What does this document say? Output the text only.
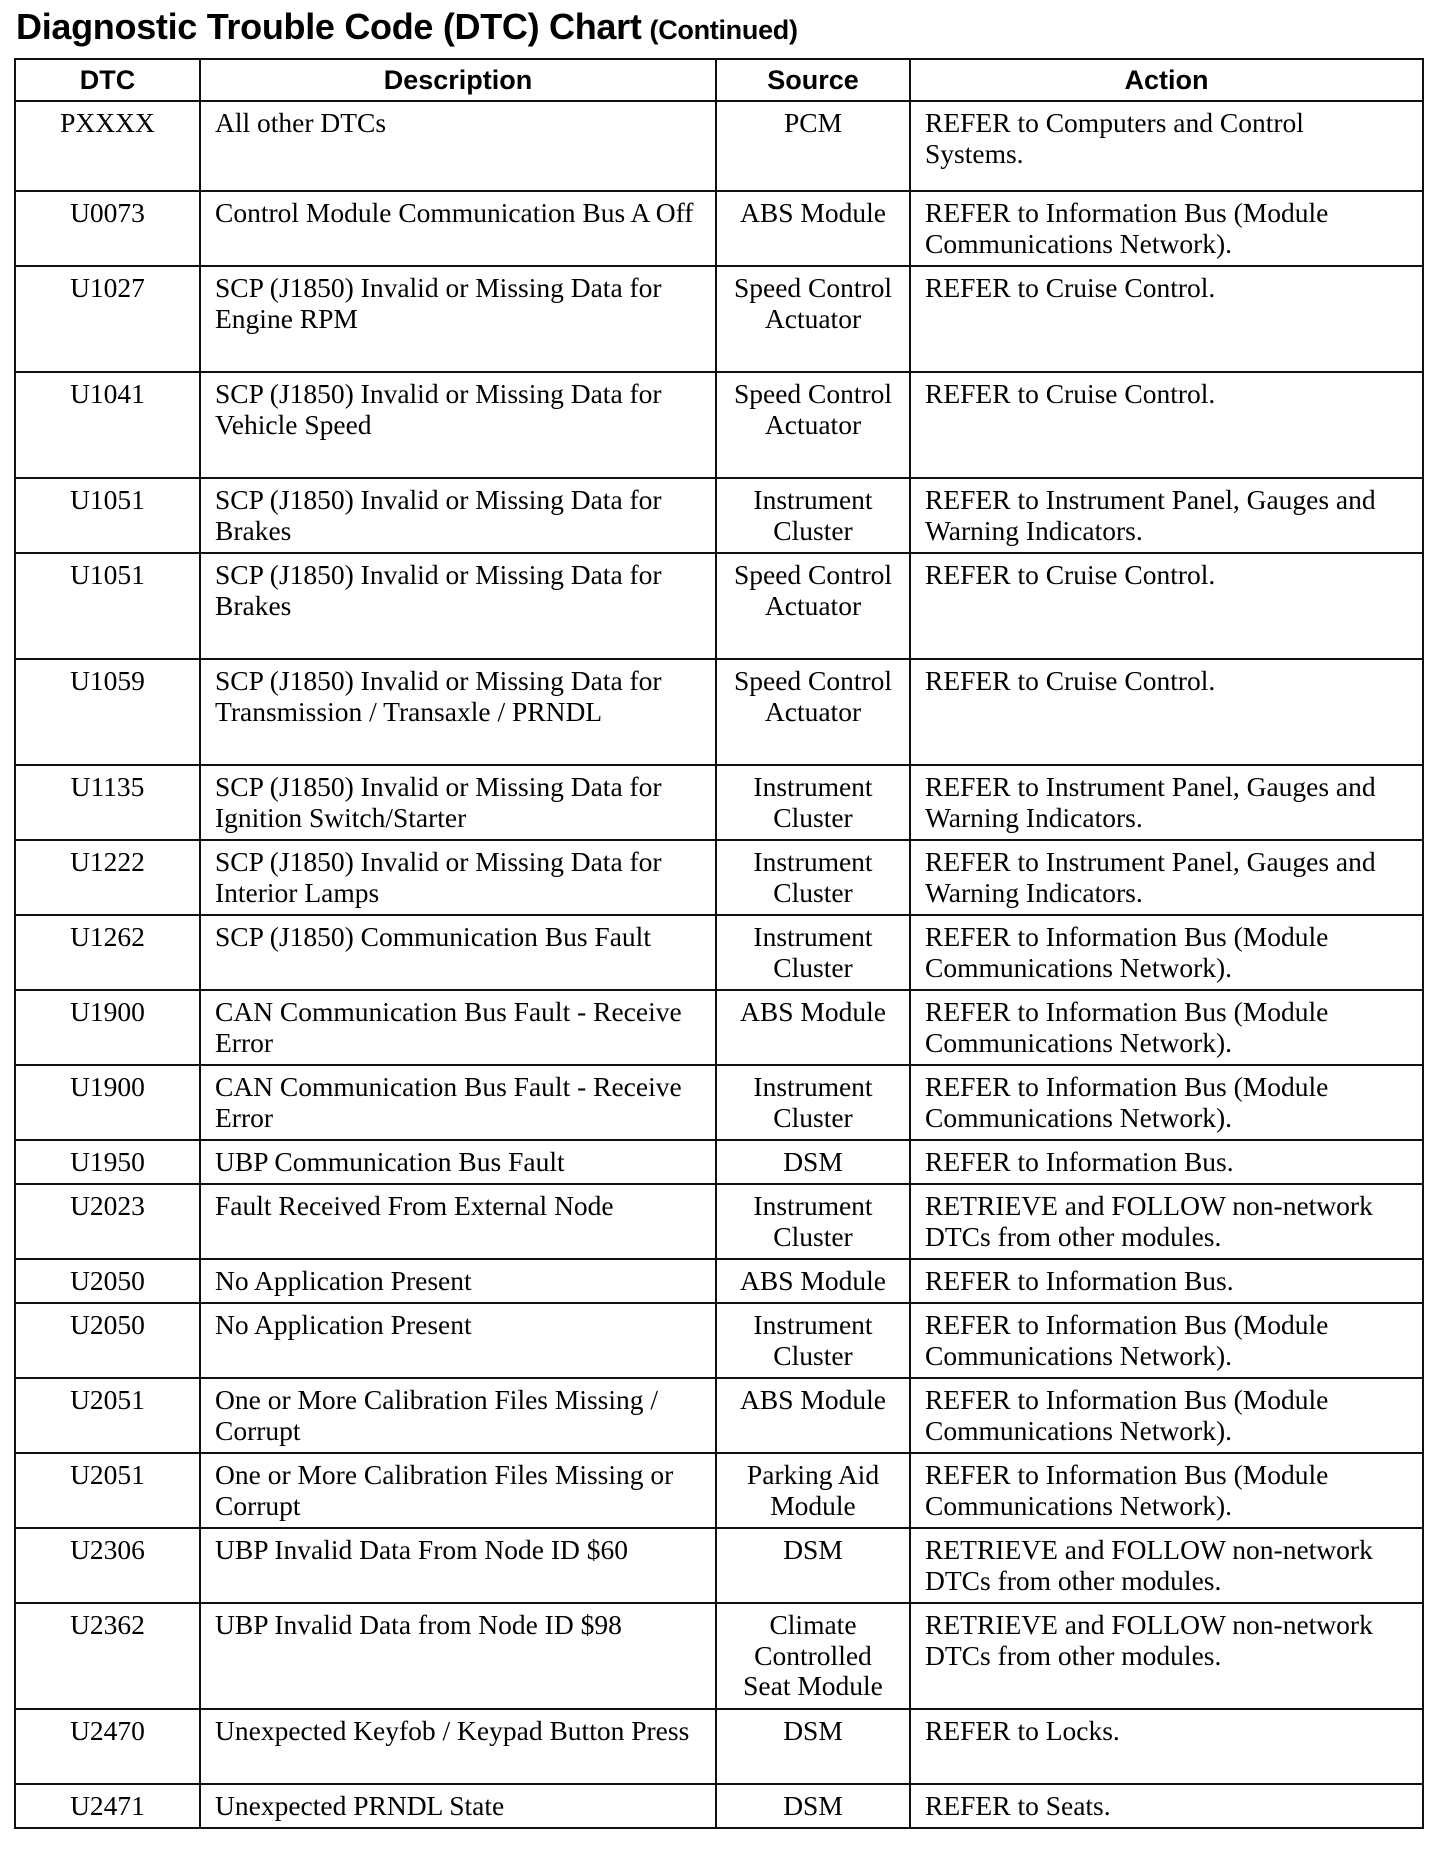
Diagnostic Trouble Code (DTC) Chart (Continued)
DTC	Description	Source	Action
PXXXX	All other DTCs	PCM	REFER to Computers and Control Systems.
U0073	Control Module Communication Bus A Off	ABS Module	REFER to Information Bus (Module Communications Network).
U1027	SCP (J1850) Invalid or Missing Data for Engine RPM	Speed Control Actuator	REFER to Cruise Control.
U1041	SCP (J1850) Invalid or Missing Data for Vehicle Speed	Speed Control Actuator	REFER to Cruise Control.
U1051	SCP (J1850) Invalid or Missing Data for Brakes	Instrument Cluster	REFER to Instrument Panel, Gauges and Warning Indicators.
U1051	SCP (J1850) Invalid or Missing Data for Brakes	Speed Control Actuator	REFER to Cruise Control.
U1059	SCP (J1850) Invalid or Missing Data for Transmission / Transaxle / PRNDL	Speed Control Actuator	REFER to Cruise Control.
U1135	SCP (J1850) Invalid or Missing Data for Ignition Switch/Starter	Instrument Cluster	REFER to Instrument Panel, Gauges and Warning Indicators.
U1222	SCP (J1850) Invalid or Missing Data for Interior Lamps	Instrument Cluster	REFER to Instrument Panel, Gauges and Warning Indicators.
U1262	SCP (J1850) Communication Bus Fault	Instrument Cluster	REFER to Information Bus (Module Communications Network).
U1900	CAN Communication Bus Fault - Receive Error	ABS Module	REFER to Information Bus (Module Communications Network).
U1900	CAN Communication Bus Fault - Receive Error	Instrument Cluster	REFER to Information Bus (Module Communications Network).
U1950	UBP Communication Bus Fault	DSM	REFER to Information Bus.
U2023	Fault Received From External Node	Instrument Cluster	RETRIEVE and FOLLOW non-network DTCs from other modules.
U2050	No Application Present	ABS Module	REFER to Information Bus.
U2050	No Application Present	Instrument Cluster	REFER to Information Bus (Module Communications Network).
U2051	One or More Calibration Files Missing / Corrupt	ABS Module	REFER to Information Bus (Module Communications Network).
U2051	One or More Calibration Files Missing or Corrupt	Parking Aid Module	REFER to Information Bus (Module Communications Network).
U2306	UBP Invalid Data From Node ID $60	DSM	RETRIEVE and FOLLOW non-network DTCs from other modules.
U2362	UBP Invalid Data from Node ID $98	Climate Controlled Seat Module	RETRIEVE and FOLLOW non-network DTCs from other modules.
U2470	Unexpected Keyfob / Keypad Button Press	DSM	REFER to Locks.
U2471	Unexpected PRNDL State	DSM	REFER to Seats.
